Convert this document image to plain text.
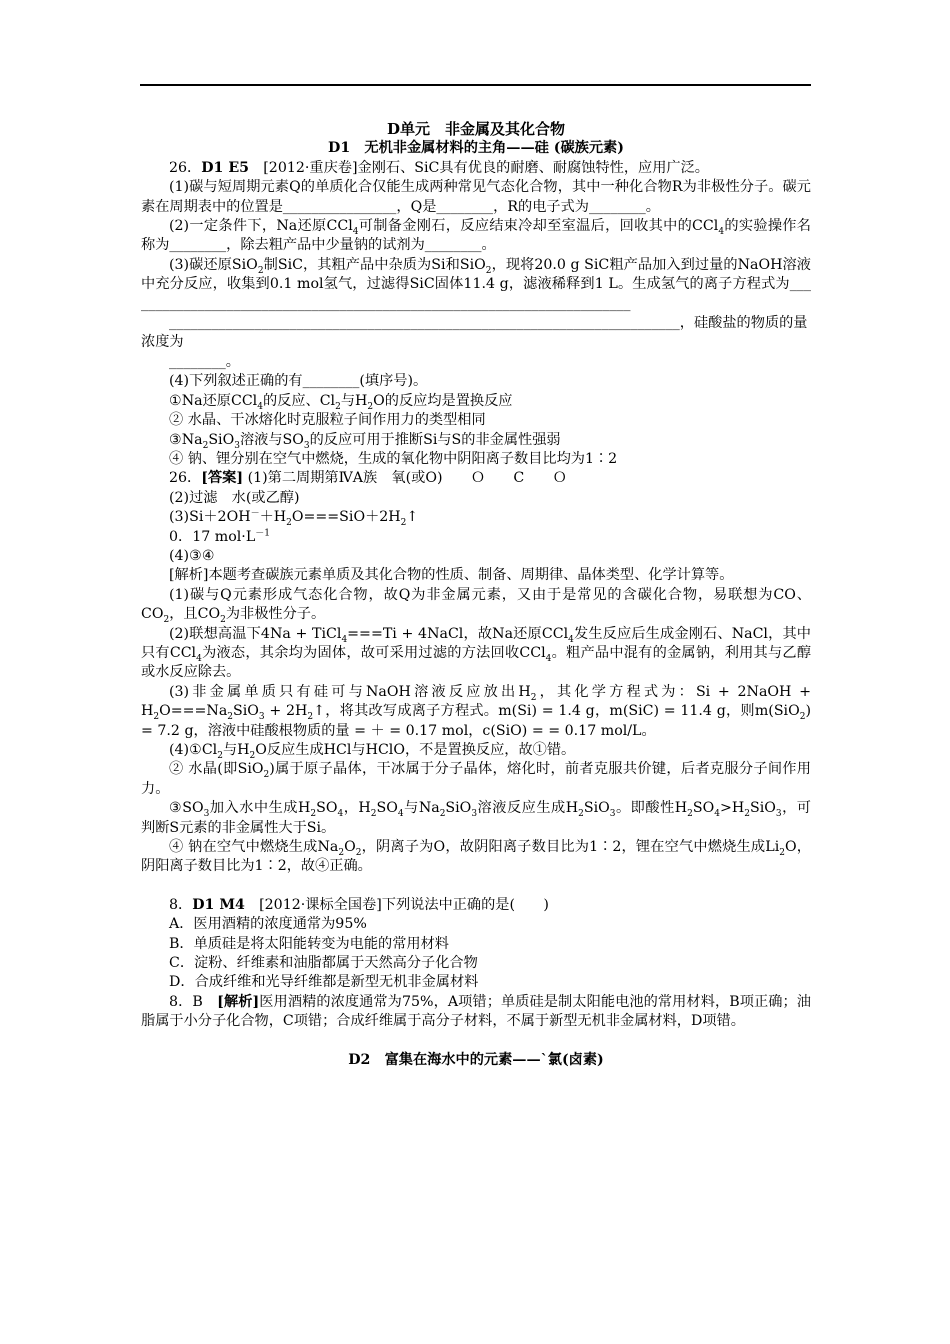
D单元　非金属及其化合物

D1　 无机非金属材料的主角——硅 (碳族元素)

26．D1 E5　 [2012·重庆卷]金刚石、SiC具有优良的耐磨、耐腐蚀特性，应用广泛。

(1)碳与短周期元素Q的单质化合仅能生成两种常见气态化合物，其中一种化合物R为非极性分子。碳元素在周期表中的位置是________________，Q是________，R的电子式为________。

(2)一定条件下，Na还原CCl$_4$可制备金刚石，反应结束冷却至室温后，回收其中的CCl$_4$的实验操作名称为________，除去粗产品中少量钠的试剂为________。

(3)碳还原SiO$_2$制SiC，其粗产品中杂质为Si和SiO$_2$，现将20.0 g SiC粗产品加入到过量的NaOH溶液中充分反应，收集到0.1 mol氢气，过滤得SiC固体11.4 g，滤液稀释到1 L。生成氢气的离子方程式为________________________________________________________________________

________________________________________________________________________，硅酸盐的物质的量浓度为

________。

(4)下列叙述正确的有________(填序号)。

①Na还原CCl$_4$的反应、$Cl_2$与$H_2O$的反应均是置换反应

② 水晶、干冰熔化时克服粒子间作用力的类型相同

$③Na_2SiO_3$溶液与$SO_3$的反应可用于推断Si与S的非金属性强弱

④ 钠、锂分别在空气中燃烧，生成的氧化物中阴阳离子数目比均为1∶2

26．[答案] (1)第二周期第ⅣA族　氧(或O)　　Ｏ　　C　　Ｏ

(2)过滤　水(或乙醇)

$(3)Si+2OH^-+H_2O===SiO+2H_2↑$

0．17 $mol\cdot L^{-1}$

(4)③④

[解析]本题考查碳族元素单质及其化合物的性质、制备、周期律、晶体类型、化学计算等。

(1)碳与Q元素形成气态化合物，故Q为非金属元素，又由于是常见的含碳化合物，易联想为CO、$CO_2$，且$CO_2$为非极性分子。

(2)联想高温下4Na + TiCl$_4$===Ti + 4NaCl，故Na还原CCl$_4$发生反应后生成金刚石、NaCl，其中只有CCl$_4$为液态，其余均为固体，故可采用过滤的方法回收CCl$_4$。粗产品中混有的金属钠，利用其与乙醇或水反应除去。

(3)非金属单质只有硅可与NaOH溶液反应放出$H_2$，其化学方程式为：Si + 2NaOH + $H_2O===Na_2SiO_3$ + $2H_2↑$，将其改写成离子方程式。m(Si) = 1.4 g，m(SiC) = 11.4 g，则m(SiO$_2$) = 7.2 g，溶液中硅酸根物质的量 = ＋ = 0.17 mol，c(SiO) = = 0.17 mol/L。

$(4)①Cl_2$与$H_2O$反应生成HCl与HClO，不是置换反应，故①错。

② 水晶(即SiO$_2$)属于原子晶体，干冰属于分子晶体，熔化时，前者克服共价键，后者克服分子间作用力。

$③SO_3$加入水中生成$H_2SO_4$，$H_2SO_4$与$Na_2SiO_3$溶液反应生成$H_2SiO_3$。即酸性$H_2SO_4>H_2SiO_3$，可判断S元素的非金属性大于Si。

④ 钠在空气中燃烧生成$Na_2O_2$，阴离子为O，故阴阳离子数目比为1∶2，锂在空气中燃烧生成$Li_2O$，阴阳离子数目比为1∶2，故④正确。

8．D1 M4　 [2012·课标全国卷]下列说法中正确的是(　　)

A．医用酒精的浓度通常为95%

B．单质硅是将太阳能转变为电能的常用材料

C．淀粉、纤维素和油脂都属于天然高分子化合物

D．合成纤维和光导纤维都是新型无机非金属材料

8．B　[解析]医用酒精的浓度通常为75%，A项错；单质硅是制太阳能电池的常用材料，B项正确；油脂属于小分子化合物，C项错；合成纤维属于高分子材料，不属于新型无机非金属材料，D项错。

D2　富集在海水中的元素——`氯(卤素)
